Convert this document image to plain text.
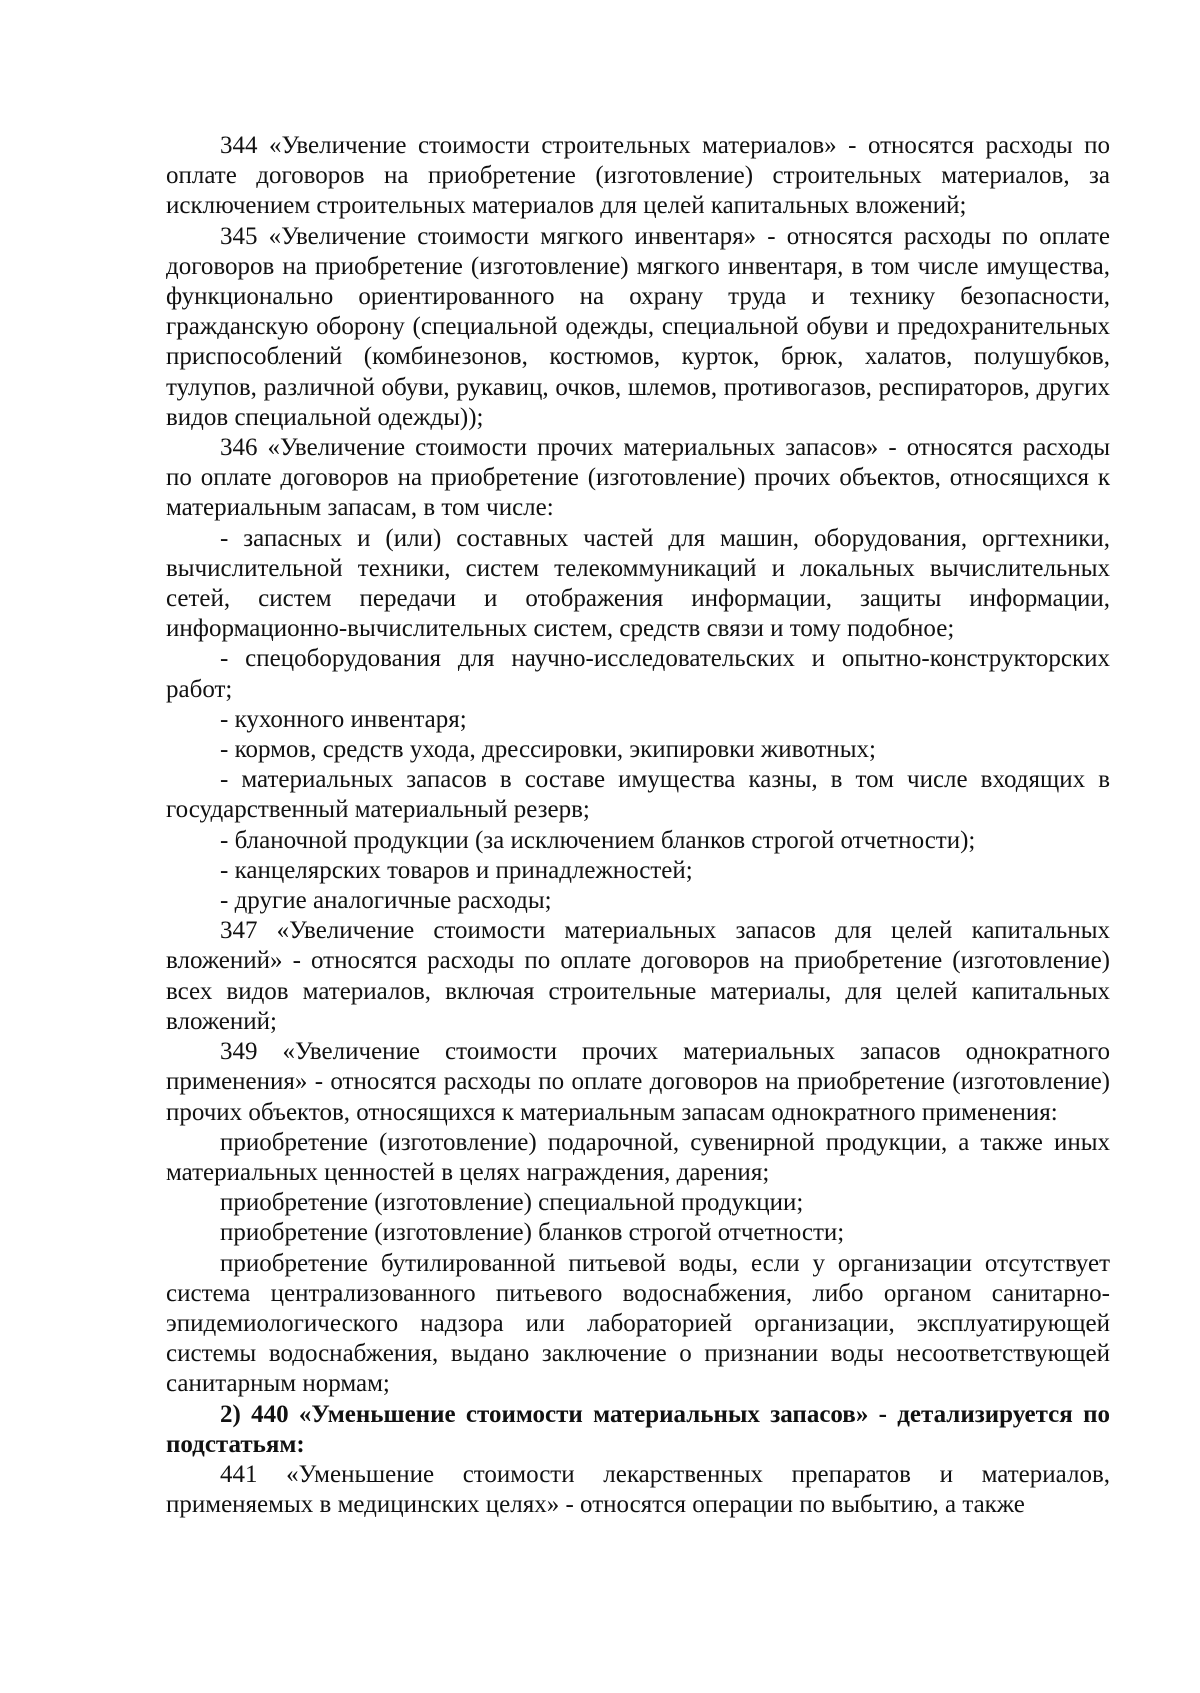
344 «Увеличение стоимости строительных материалов» - относятся расходы по оплате договоров на приобретение (изготовление) строительных материалов, за исключением строительных материалов для целей капитальных вложений;

345 «Увеличение стоимости мягкого инвентаря» - относятся расходы по оплате договоров на приобретение (изготовление) мягкого инвентаря, в том числе имущества, функционально ориентированного на охрану труда и технику безопасности, гражданскую оборону (специальной одежды, специальной обуви и предохранительных приспособлений (комбинезонов, костюмов, курток, брюк, халатов, полушубков, тулупов, различной обуви, рукавиц, очков, шлемов, противогазов, респираторов, других видов специальной одежды));

346 «Увеличение стоимости прочих материальных запасов» - относятся расходы по оплате договоров на приобретение (изготовление) прочих объектов, относящихся к материальным запасам, в том числе:

- запасных и (или) составных частей для машин, оборудования, оргтехники, вычислительной техники, систем телекоммуникаций и локальных вычислительных сетей, систем передачи и отображения информации, защиты информации, информационно-вычислительных систем, средств связи и тому подобное;

- спецоборудования для научно-исследовательских и опытно-конструкторских работ;

- кухонного инвентаря;

- кормов, средств ухода, дрессировки, экипировки животных;

- материальных запасов в составе имущества казны, в том числе входящих в государственный материальный резерв;

- бланочной продукции (за исключением бланков строгой отчетности);

- канцелярских товаров и принадлежностей;

- другие аналогичные расходы;

347 «Увеличение стоимости материальных запасов для целей капитальных вложений» - относятся расходы по оплате договоров на приобретение (изготовление) всех видов материалов, включая строительные материалы, для целей капитальных вложений;

349 «Увеличение стоимости прочих материальных запасов однократного применения» - относятся расходы по оплате договоров на приобретение (изготовление) прочих объектов, относящихся к материальным запасам однократного применения:

приобретение (изготовление) подарочной, сувенирной продукции, а также иных материальных ценностей в целях награждения, дарения;

приобретение (изготовление) специальной продукции;

приобретение (изготовление) бланков строгой отчетности;

приобретение бутилированной питьевой воды, если у организации отсутствует система централизованного питьевого водоснабжения, либо органом санитарно-эпидемиологического надзора или лабораторией организации, эксплуатирующей системы водоснабжения, выдано заключение о признании воды несоответствующей санитарным нормам;

2) 440 «Уменьшение стоимости материальных запасов» - детализируется по подстатьям:

441 «Уменьшение стоимости лекарственных препаратов и материалов, применяемых в медицинских целях» - относятся операции по выбытию, а также
